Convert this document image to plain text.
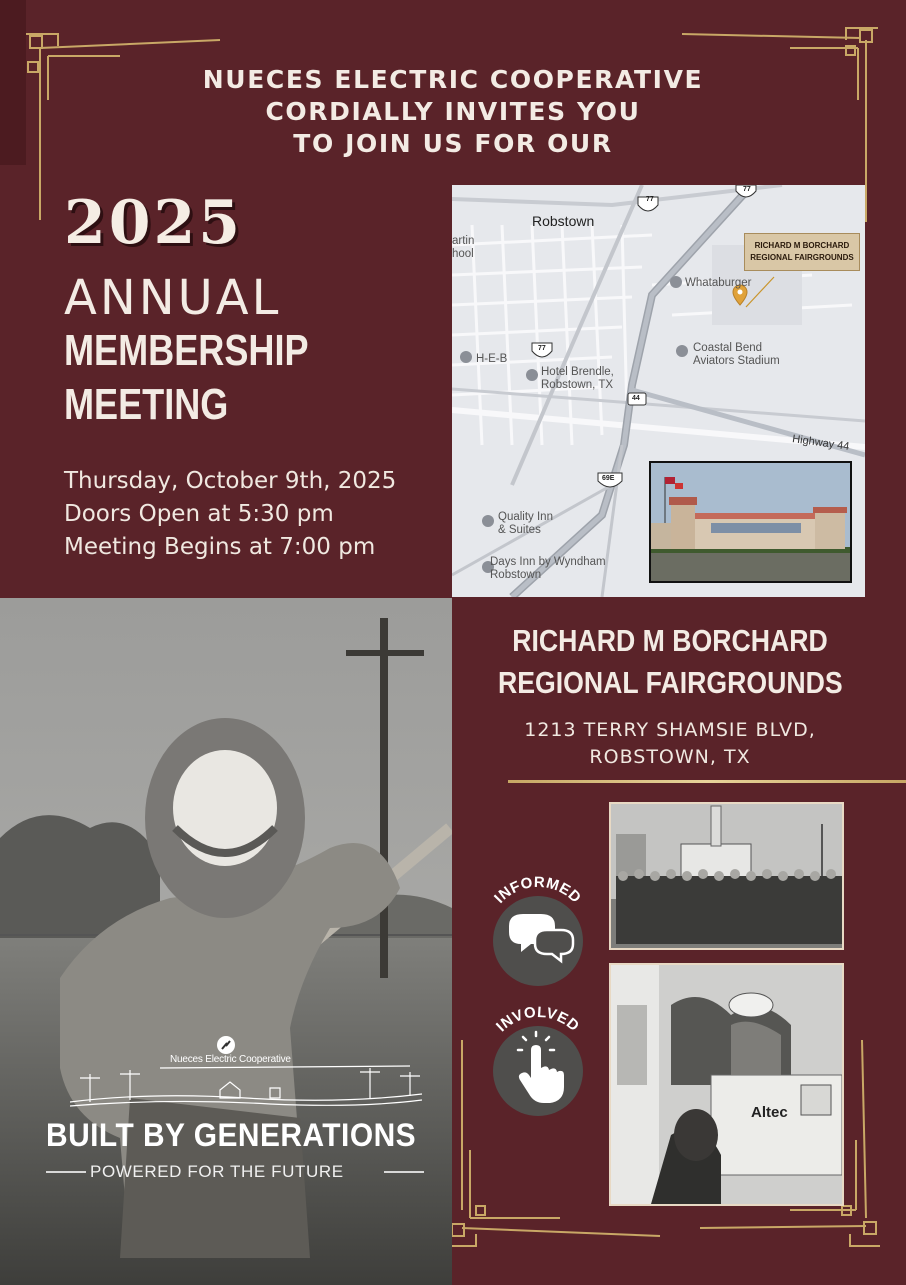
NUECES ELECTRIC COOPERATIVE
CORDIALLY INVITES YOU
TO JOIN US FOR OUR
2025
ANNUAL
MEMBERSHIP
MEETING
Thursday, October 9th, 2025
Doors Open at 5:30 pm
Meeting Begins at 7:00 pm
Robstown
artin
hool
Whataburger
Coastal Bend
Aviators Stadium
H-E-B
Hotel Brendle,
Robstown, TX
Quality Inn
& Suites
Days Inn by Wyndham
Robstown
Highway 44
77
77
77
44
69E
RICHARD M BORCHARD
REGIONAL FAIRGROUNDS
Nueces Electric Cooperative
BUILT BY GENERATIONS
POWERED FOR THE FUTURE
RICHARD M BORCHARD
REGIONAL FAIRGROUNDS
1213 TERRY SHAMSIE BLVD,
ROBSTOWN, TX
INFORMED
INVOLVED
Altec
